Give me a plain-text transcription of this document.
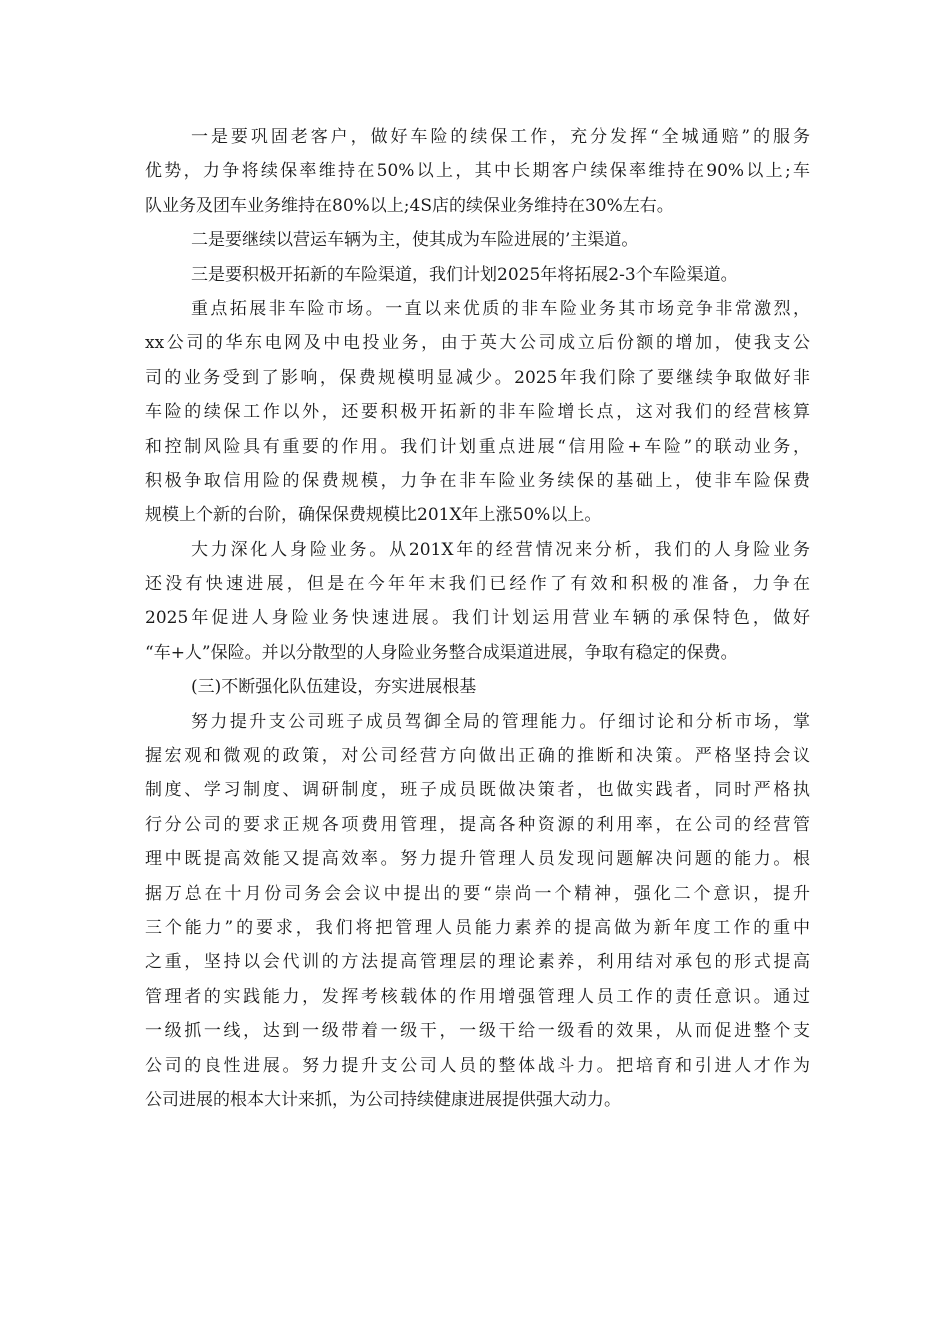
一是要巩固老客户，做好车险的续保工作，充分发挥“全城通赔”的服务
优势，力争将续保率维持在50%以上，其中长期客户续保率维持在90%以上;车
队业务及团车业务维持在80%以上;4S店的续保业务维持在30%左右。
二是要继续以营运车辆为主，使其成为车险进展的’主渠道。
三是要积极开拓新的车险渠道，我们计划2025年将拓展2-3个车险渠道。
重点拓展非车险市场。一直以来优质的非车险业务其市场竞争非常激烈，
xx公司的华东电网及中电投业务，由于英大公司成立后份额的增加，使我支公
司的业务受到了影响，保费规模明显减少。2025年我们除了要继续争取做好非
车险的续保工作以外，还要积极开拓新的非车险增长点，这对我们的经营核算
和控制风险具有重要的作用。我们计划重点进展“信用险+车险”的联动业务，
积极争取信用险的保费规模，力争在非车险业务续保的基础上，使非车险保费
规模上个新的台阶，确保保费规模比201X年上涨50%以上。
大力深化人身险业务。从201X年的经营情况来分析，我们的人身险业务
还没有快速进展，但是在今年年末我们已经作了有效和积极的准备，力争在
2025年促进人身险业务快速进展。我们计划运用营业车辆的承保特色，做好
“车+人”保险。并以分散型的人身险业务整合成渠道进展，争取有稳定的保费。
(三)不断强化队伍建设，夯实进展根基
努力提升支公司班子成员驾御全局的管理能力。仔细讨论和分析市场，掌
握宏观和微观的政策，对公司经营方向做出正确的推断和决策。严格坚持会议
制度、学习制度、调研制度，班子成员既做决策者，也做实践者，同时严格执
行分公司的要求正规各项费用管理，提高各种资源的利用率，在公司的经营管
理中既提高效能又提高效率。努力提升管理人员发现问题解决问题的能力。根
据万总在十月份司务会会议中提出的要“崇尚一个精神，强化二个意识，提升
三个能力”的要求，我们将把管理人员能力素养的提高做为新年度工作的重中
之重，坚持以会代训的方法提高管理层的理论素养，利用结对承包的形式提高
管理者的实践能力，发挥考核载体的作用增强管理人员工作的责任意识。通过
一级抓一线，达到一级带着一级干，一级干给一级看的效果，从而促进整个支
公司的良性进展。努力提升支公司人员的整体战斗力。把培育和引进人才作为
公司进展的根本大计来抓，为公司持续健康进展提供强大动力。
